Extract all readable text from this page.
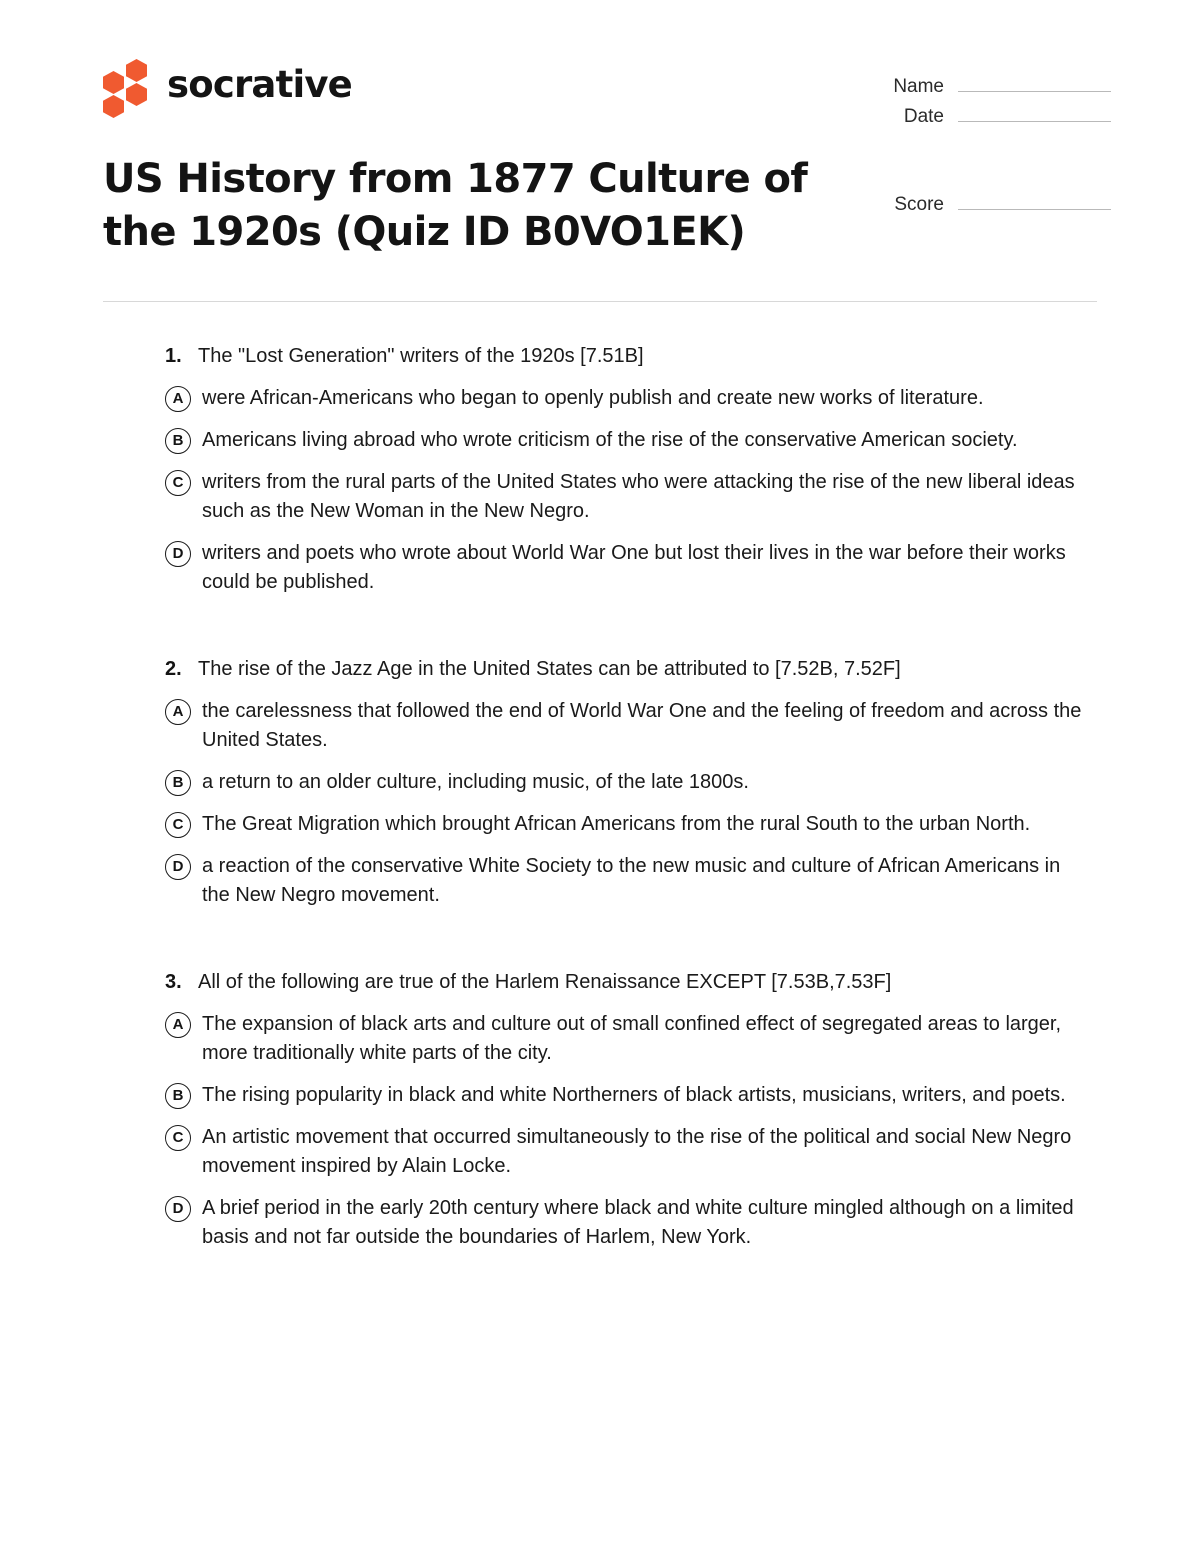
socrative
US History from 1877 Culture of the 1920s (Quiz ID B0VO1EK)
Name
Date
Score
1. The "Lost Generation" writers of the 1920s [7.51B]
A were African-Americans who began to openly publish and create new works of literature.
B Americans living abroad who wrote criticism of the rise of the conservative American society.
C writers from the rural parts of the United States who were attacking the rise of the new liberal ideas such as the New Woman in the New Negro.
D writers and poets who wrote about World War One but lost their lives in the war before their works could be published.
2. The rise of the Jazz Age in the United States can be attributed to [7.52B, 7.52F]
A the carelessness that followed the end of World War One and the feeling of freedom and across the United States.
B a return to an older culture, including music, of the late 1800s.
C The Great Migration which brought African Americans from the rural South to the urban North.
D a reaction of the conservative White Society to the new music and culture of African Americans in the New Negro movement.
3. All of the following are true of the Harlem Renaissance EXCEPT [7.53B,7.53F]
A The expansion of black arts and culture out of small confined effect of segregated areas to larger, more traditionally white parts of the city.
B The rising popularity in black and white Northerners of black artists, musicians, writers, and poets.
C An artistic movement that occurred simultaneously to the rise of the political and social New Negro movement inspired by Alain Locke.
D A brief period in the early 20th century where black and white culture mingled although on a limited basis and not far outside the boundaries of Harlem, New York.
